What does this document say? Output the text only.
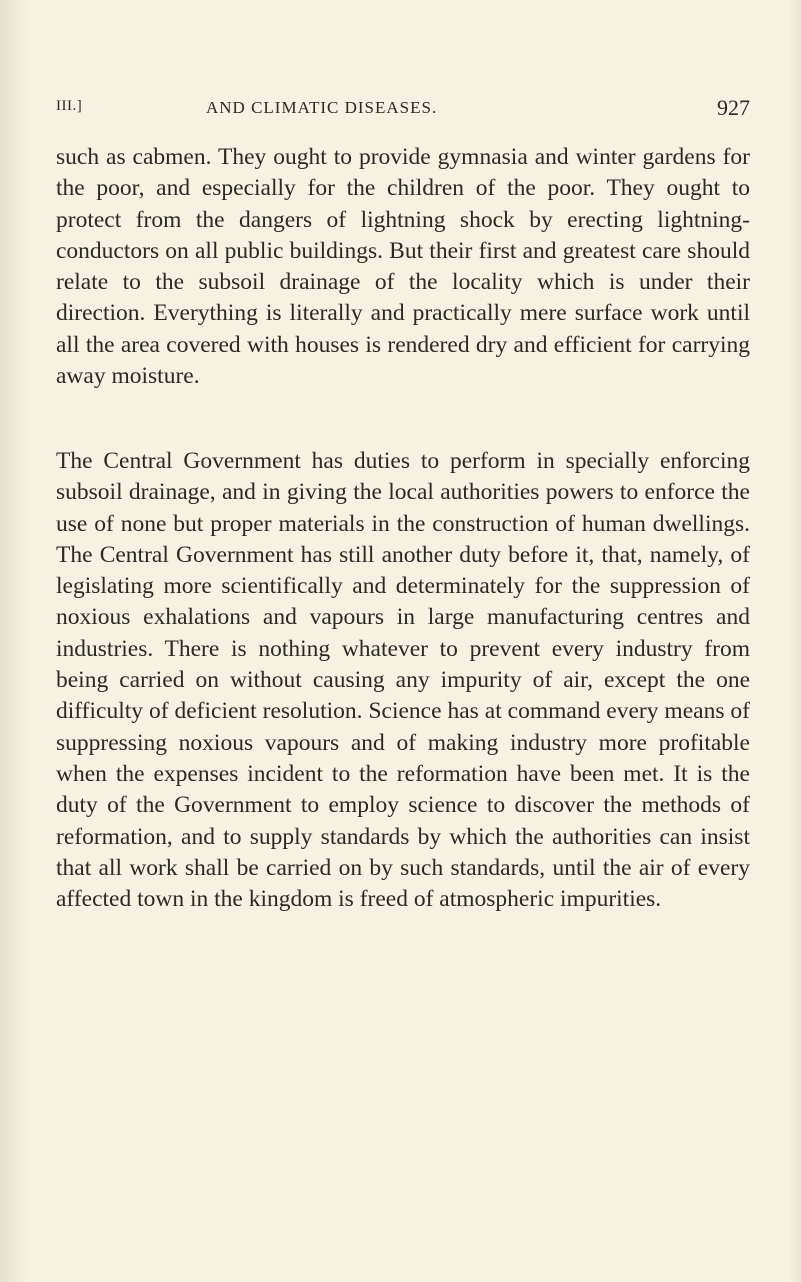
III.]	AND CLIMATIC DISEASES.	927

such as cabmen. They ought to provide gymnasia and winter gardens for the poor, and especially for the children of the poor. They ought to protect from the dangers of lightning shock by erecting lightning-conductors on all public buildings. But their first and greatest care should relate to the subsoil drainage of the locality which is under their direction. Everything is literally and practically mere surface work until all the area covered with houses is rendered dry and efficient for carrying away moisture.

The Central Government has duties to perform in specially enforcing subsoil drainage, and in giving the local authorities powers to enforce the use of none but proper materials in the construction of human dwellings. The Central Government has still another duty before it, that, namely, of legislating more scientifically and determinately for the suppression of noxious exhalations and vapours in large manufacturing centres and industries. There is nothing whatever to prevent every industry from being carried on without causing any impurity of air, except the one difficulty of deficient resolution. Science has at command every means of suppressing noxious vapours and of making industry more profitable when the expenses incident to the reformation have been met. It is the duty of the Government to employ science to discover the methods of reformation, and to supply standards by which the authorities can insist that all work shall be carried on by such standards, until the air of every affected town in the kingdom is freed of atmospheric impurities.
